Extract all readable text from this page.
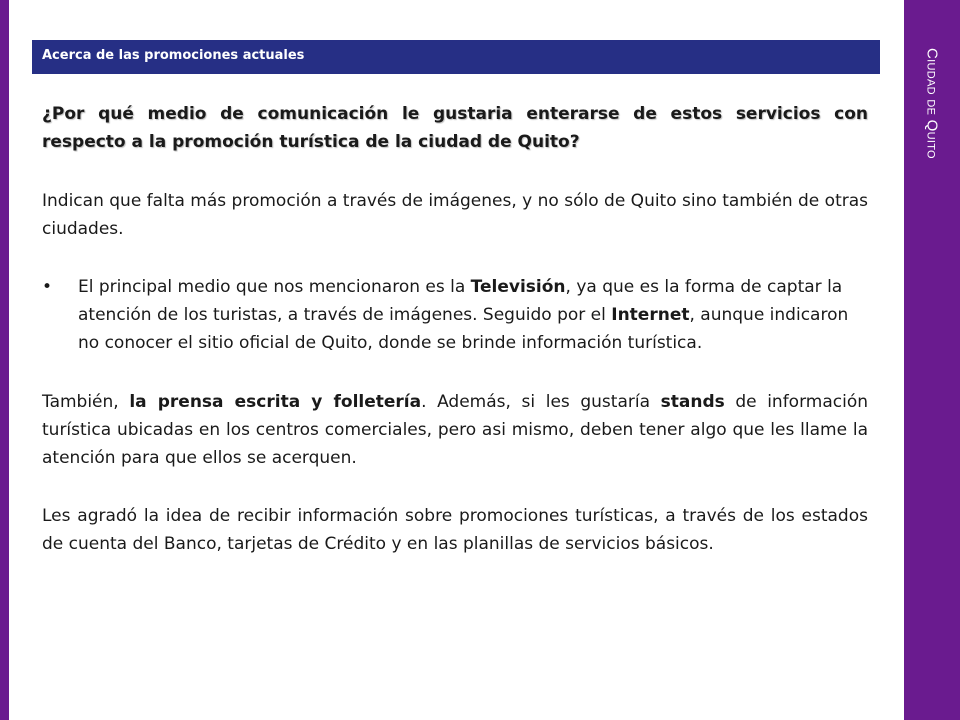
Ciudad de Quito
Acerca de las promociones actuales

¿Por qué medio de comunicación le gustaria enterarse de estos servicios con respecto a la promoción turística de la ciudad de Quito?

Indican que falta más promoción a través de imágenes, y no sólo de Quito sino también de otras ciudades.

• El principal medio que nos mencionaron es la Televisión, ya que es la forma de captar la atención de los turistas, a través de imágenes. Seguido por el Internet, aunque indicaron no conocer el sitio oficial de Quito, donde se brinde información turística.

También, la prensa escrita y folletería. Además, si les gustaría stands de información turística ubicadas en los centros comerciales, pero asi mismo, deben tener algo que les llame la atención para que ellos se acerquen.

Les agradó la idea de recibir información sobre promociones turísticas, a través de los estados de cuenta del Banco, tarjetas de Crédito y en las planillas de servicios básicos.
